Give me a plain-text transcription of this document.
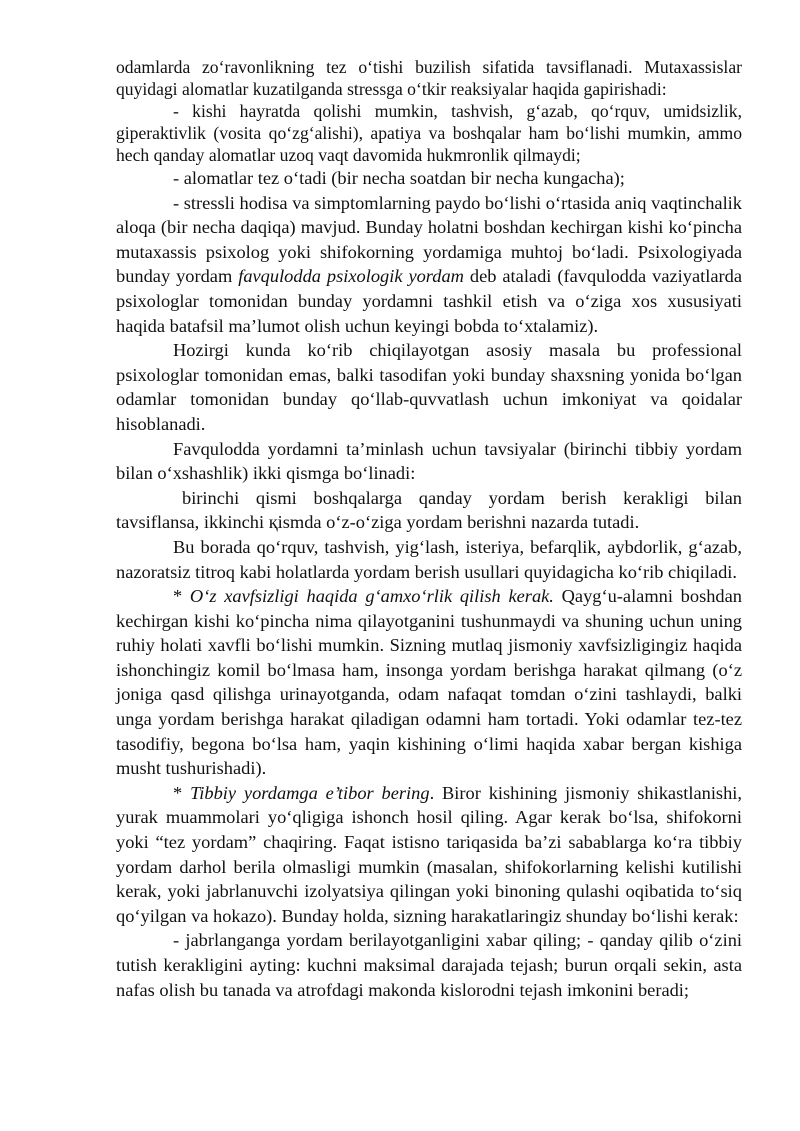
odamlarda zo‘ravonlikning tez o‘tishi buzilish sifatida tavsiflanadi. Mutaxassislar quyidagi alomatlar kuzatilganda stressga o‘tkir reaksiyalar haqida gapirishadi:

- kishi hayratda qolishi mumkin, tashvish, g‘azab, qo‘rquv, umidsizlik, giperaktivlik (vosita qo‘zg‘alishi), apatiya va boshqalar ham bo‘lishi mumkin, ammo hech qanday alomatlar uzoq vaqt davomida hukmronlik qilmaydi;

- alomatlar tez o‘tadi (bir necha soatdan bir necha kungacha);

- stressli hodisa va simptomlarning paydo bo‘lishi o‘rtasida aniq vaqtinchalik aloqa (bir necha daqiqa) mavjud. Bunday holatni boshdan kechirgan kishi ko‘pincha mutaxassis psixolog yoki shifokorning yordamiga muhtoj bo‘ladi. Psixologiyada bunday yordam favqulodda psixologik yordam deb ataladi (favqulodda vaziyatlarda psixologlar tomonidan bunday yordamni tashkil etish va o‘ziga xos xususiyati haqida batafsil ma’lumot olish uchun keyingi bobda to‘xtalamiz).

Hozirgi kunda ko‘rib chiqilayotgan asosiy masala bu professional psixologlar tomonidan emas, balki tasodifan yoki bunday shaxsning yonida bo‘lgan odamlar tomonidan bunday qo‘llab-quvvatlash uchun imkoniyat va qoidalar hisoblanadi.

Favqulodda yordamni ta’minlash uchun tavsiyalar (birinchi tibbiy yordam bilan o‘xshashlik) ikki qismga bo‘linadi:

birinchi qismi boshqalarga qanday yordam berish kerakligi bilan tavsiflansa, ikkinchi қismda o‘z-o‘ziga yordam berishni nazarda tutadi.

Bu borada qo‘rquv, tashvish, yig‘lash, isteriya, befarqlik, aybdorlik, g‘azab, nazoratsiz titroq kabi holatlarda yordam berish usullari quyidagicha ko‘rib chiqiladi.

* O‘z xavfsizligi haqida g‘amxo‘rlik qilish kerak. Qayg‘u-alamni boshdan kechirgan kishi ko‘pincha nima qilayotganini tushunmaydi va shuning uchun uning ruhiy holati xavfli bo‘lishi mumkin. Sizning mutlaq jismoniy xavfsizligingiz haqida ishonchingiz komil bo‘lmasa ham, insonga yordam berishga harakat qilmang (o‘z joniga qasd qilishga urinayotganda, odam nafaqat tomdan o‘zini tashlaydi, balki unga yordam berishga harakat qiladigan odamni ham tortadi. Yoki odamlar tez-tez tasodifiy, begona bo‘lsa ham, yaqin kishining o‘limi haqida xabar bergan kishiga musht tushurishadi).

* Tibbiy yordamga e’tibor bering. Biror kishining jismoniy shikastlanishi, yurak muammolari yo‘qligiga ishonch hosil qiling. Agar kerak bo‘lsa, shifokorni yoki “tez yordam” chaqiring. Faqat istisno tariqasida ba’zi sabablarga ko‘ra tibbiy yordam darhol berila olmasligi mumkin (masalan, shifokorlarning kelishi kutilishi kerak, yoki jabrlanuvchi izolyatsiya qilingan yoki binoning qulashi oqibatida to‘siq qo‘yilgan va hokazo). Bunday holda, sizning harakatlaringiz shunday bo‘lishi kerak:

- jabrlanganga yordam berilayotganligini xabar qiling; - qanday qilib o‘zini tutish kerakligini ayting: kuchni maksimal darajada tejash; burun orqali sekin, asta nafas olish bu tanada va atrofdagi makonda kislorodni tejash imkonini beradi;
